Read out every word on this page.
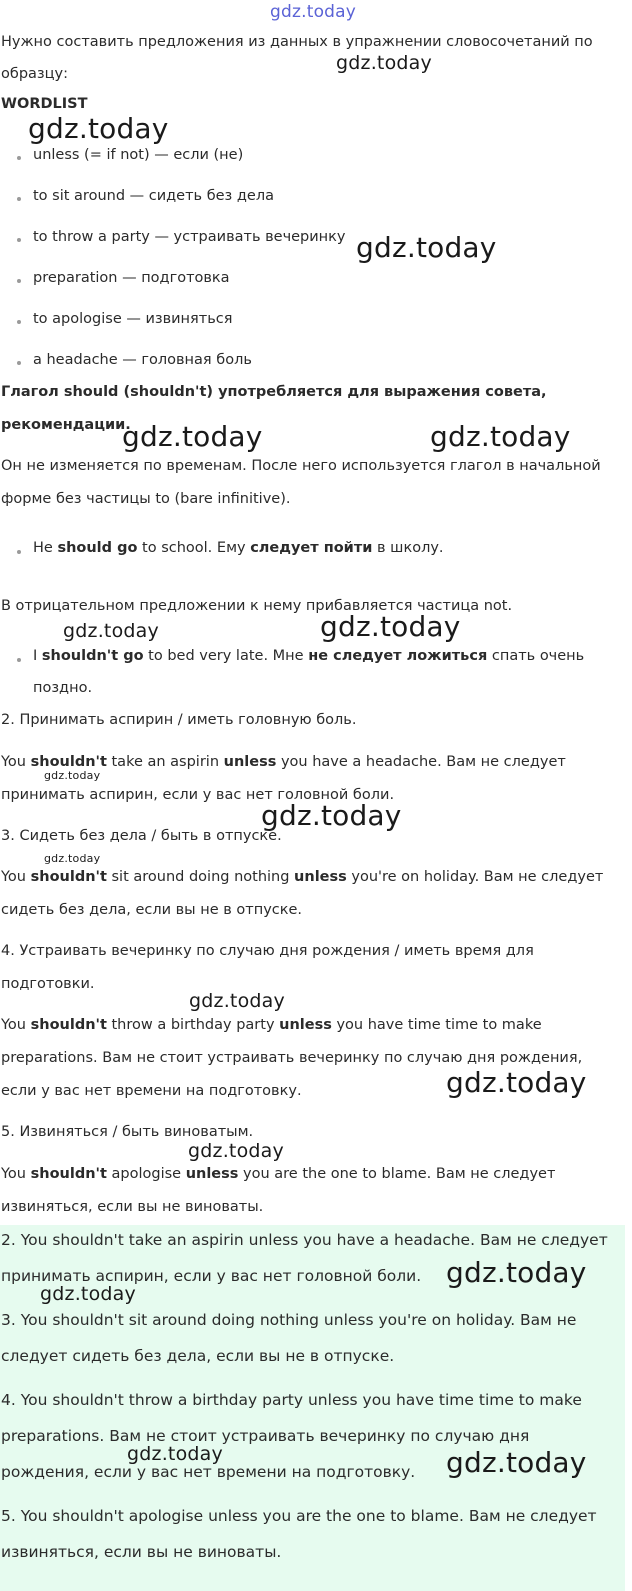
gdz.today
gdz.today
gdz.today
gdz.today
gdz.today	gdz.today
gdz.today	gdz.today
gdz.today
gdz.today
gdz.today
gdz.today
gdz.today
gdz.today
gdz.today
gdz.today
gdz.today	gdz.today
Нужно составить предложения из данных в упражнении словосочетаний по
образцу:
WORDLIST
unless (= if not) — если (не)
to sit around — сидеть без дела
to throw a party — устраивать вечеринку
preparation — подготовка
to apologise — извиняться
a headache — головная боль
Глагол should (shouldn't) употребляется для выражения совета,
рекомендации.
Он не изменяется по временам. После него используется глагол в начальной
форме без частицы to (bare infinitive).
He should go to school. Ему следует пойти в школу.
В отрицательном предложении к нему прибавляется частица not.
I shouldn't go to bed very late. Мне не следует ложиться спать очень
поздно.
2. Принимать аспирин / иметь головную боль.
You shouldn't take an aspirin unless you have a headache. Вам не следует
принимать аспирин, если у вас нет головной боли.
3. Сидеть без дела / быть в отпуске.
You shouldn't sit around doing nothing unless you're on holiday. Вам не следует
сидеть без дела, если вы не в отпуске.
4. Устраивать вечеринку по случаю дня рождения / иметь время для
подготовки.
You shouldn't throw a birthday party unless you have time time to make
preparations. Вам не стоит устраивать вечеринку по случаю дня рождения,
если у вас нет времени на подготовку.
5. Извиняться / быть виноватым.
You shouldn't apologise unless you are the one to blame. Вам не следует
извиняться, если вы не виноваты.
2. You shouldn't take an aspirin unless you have a headache. Вам не следует
принимать аспирин, если у вас нет головной боли.
3. You shouldn't sit around doing nothing unless you're on holiday. Вам не
следует сидеть без дела, если вы не в отпуске.
4. You shouldn't throw a birthday party unless you have time time to make
preparations. Вам не стоит устраивать вечеринку по случаю дня
рождения, если у вас нет времени на подготовку.
5. You shouldn't apologise unless you are the one to blame. Вам не следует
извиняться, если вы не виноваты.
